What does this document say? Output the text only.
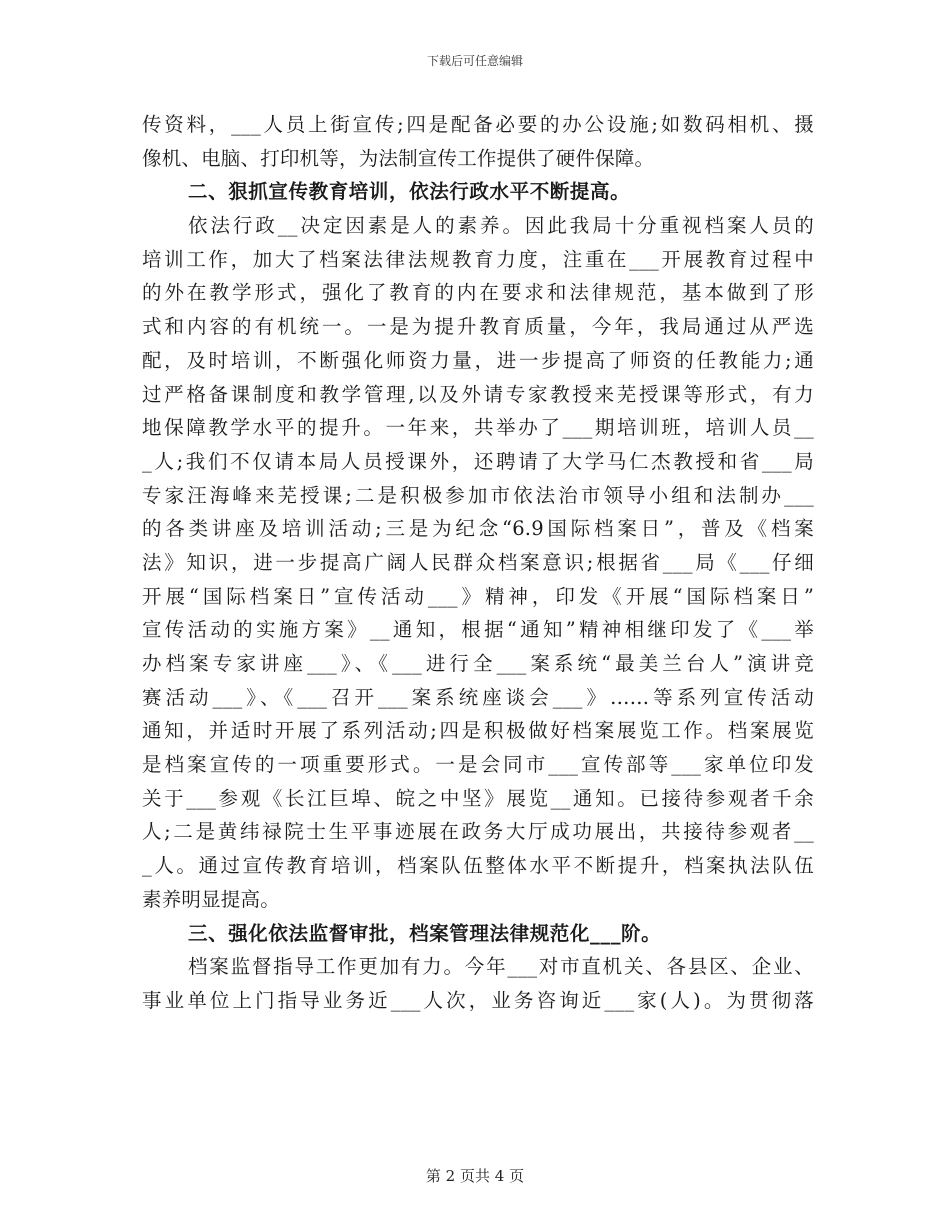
下载后可任意编辑
传资料，___人员上街宣传;四是配备必要的办公设施;如数码相机、摄
像机、电脑、打印机等，为法制宣传工作提供了硬件保障。
二、狠抓宣传教育培训，依法行政水平不断提高。
依法行政__决定因素是人的素养。因此我局十分重视档案人员的
培训工作，加大了档案法律法规教育力度，注重在___开展教育过程中
的外在教学形式，强化了教育的内在要求和法律规范，基本做到了形
式和内容的有机统一。一是为提升教育质量，今年，我局通过从严选
配，及时培训，不断强化师资力量，进一步提高了师资的任教能力;通
过严格备课制度和教学管理,以及外请专家教授来芜授课等形式，有力
地保障教学水平的提升。一年来，共举办了___期培训班，培训人员__
_人;我们不仅请本局人员授课外，还聘请了大学马仁杰教授和省___局
专家汪海峰来芜授课;二是积极参加市依法治市领导小组和法制办___
的各类讲座及培训活动;三是为纪念“6.9国际档案日”，普及《档案
法》知识，进一步提高广阔人民群众档案意识;根据省___局《___仔细
开展“国际档案日”宣传活动___》精神，印发《开展“国际档案日”
宣传活动的实施方案》__通知，根据“通知”精神相继印发了《___举
办档案专家讲座___》、《___进行全___案系统“最美兰台人”演讲竞
赛活动___》、《___召开___案系统座谈会___》……等系列宣传活动
通知，并适时开展了系列活动;四是积极做好档案展览工作。档案展览
是档案宣传的一项重要形式。一是会同市___宣传部等___家单位印发
关于___参观《长江巨埠、皖之中坚》展览__通知。已接待参观者千余
人;二是黄纬禄院士生平事迹展在政务大厅成功展出，共接待参观者__
_人。通过宣传教育培训，档案队伍整体水平不断提升，档案执法队伍
素养明显提高。
三、强化依法监督审批，档案管理法律规范化___阶。
档案监督指导工作更加有力。今年___对市直机关、各县区、企业、
事业单位上门指导业务近___人次，业务咨询近___家(人)。为贯彻落
第 2 页共 4 页
